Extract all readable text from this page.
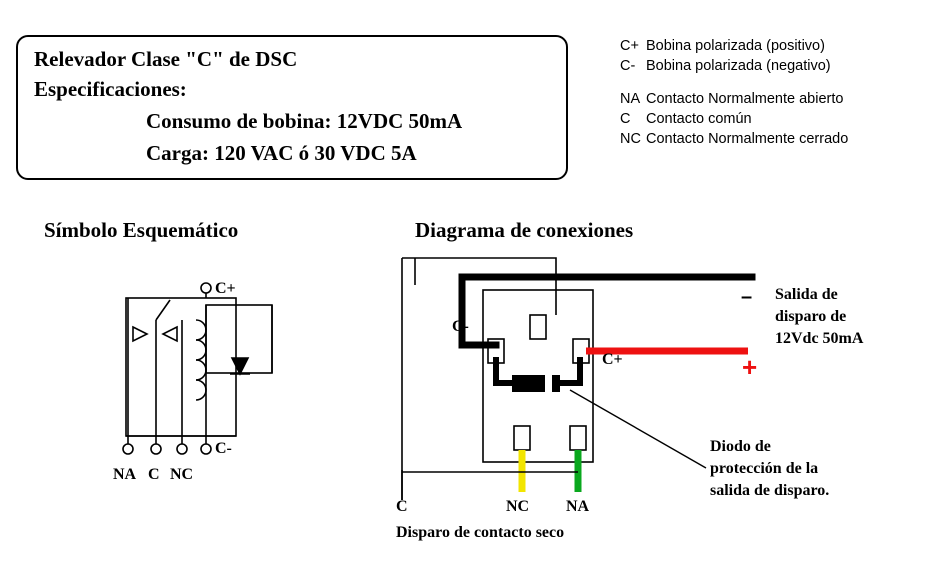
Relevador Clase "C" de DSC
Especificaciones:
Consumo de bobina: 12VDC 50mA
Carga: 120 VAC ó 30 VDC 5A
C+ Bobina polarizada (positivo)
C- Bobina polarizada (negativo)
NA Contacto Normalmente abierto
C Contacto común
NC Contacto Normalmente cerrado
Símbolo Esquemático	Diagrama de conexiones
C+
C-
NA C NC
C-
C+
–
+
Salida de
disparo de
12Vdc 50mA
Diodo de
protección de la
salida de disparo.
C	NC NA
Disparo de contacto seco
